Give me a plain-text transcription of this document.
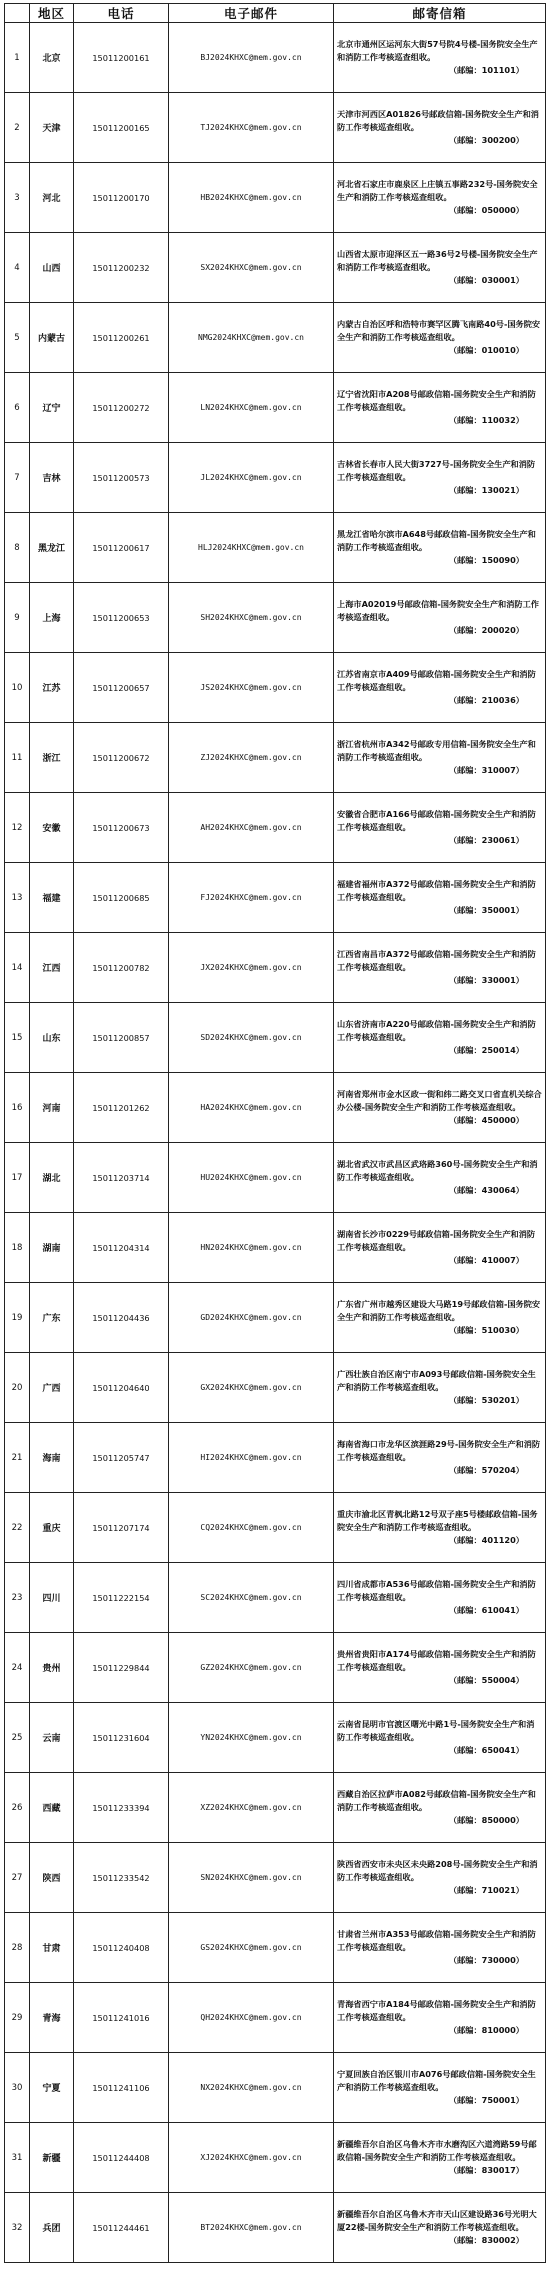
	地区	电话	电子邮件	邮寄信箱
1	北京	15011200161	BJ2024KHXC@mem.gov.cn	北京市通州区运河东大街57号院4号楼-国务院安全生产和消防工作考核巡查组收。
（邮编：101101）

2	天津	15011200165	TJ2024KHXC@mem.gov.cn	天津市河西区A01826号邮政信箱-国务院安全生产和消防工作考核巡查组收。
（邮编：300200）

3	河北	15011200170	HB2024KHXC@mem.gov.cn	河北省石家庄市鹿泉区上庄镇五事路232号-国务院安全生产和消防工作考核巡查组收。
（邮编：050000）

4	山西	15011200232	SX2024KHXC@mem.gov.cn	山西省太原市迎泽区五一路36号2号楼-国务院安全生产和消防工作考核巡查组收。
（邮编：030001）

5	内蒙古	15011200261	NMG2024KHXC@mem.gov.cn	内蒙古自治区呼和浩特市赛罕区腾飞南路40号-国务院安全生产和消防工作考核巡查组收。
（邮编：010010）

6	辽宁	15011200272	LN2024KHXC@mem.gov.cn	辽宁省沈阳市A208号邮政信箱-国务院安全生产和消防工作考核巡查组收。
（邮编：110032）

7	吉林	15011200573	JL2024KHXC@mem.gov.cn	吉林省长春市人民大街3727号-国务院安全生产和消防工作考核巡查组收。
（邮编：130021）

8	黑龙江	15011200617	HLJ2024KHXC@mem.gov.cn	黑龙江省哈尔滨市A648号邮政信箱-国务院安全生产和消防工作考核巡查组收。
（邮编：150090）

9	上海	15011200653	SH2024KHXC@mem.gov.cn	上海市A02019号邮政信箱-国务院安全生产和消防工作考核巡查组收。
（邮编：200020）

10	江苏	15011200657	JS2024KHXC@mem.gov.cn	江苏省南京市A409号邮政信箱-国务院安全生产和消防工作考核巡查组收。
（邮编：210036）

11	浙江	15011200672	ZJ2024KHXC@mem.gov.cn	浙江省杭州市A342号邮政专用信箱-国务院安全生产和消防工作考核巡查组收。
（邮编：310007）

12	安徽	15011200673	AH2024KHXC@mem.gov.cn	安徽省合肥市A166号邮政信箱-国务院安全生产和消防工作考核巡查组收。
（邮编：230061）

13	福建	15011200685	FJ2024KHXC@mem.gov.cn	福建省福州市A372号邮政信箱-国务院安全生产和消防工作考核巡查组收。
（邮编：350001）

14	江西	15011200782	JX2024KHXC@mem.gov.cn	江西省南昌市A372号邮政信箱-国务院安全生产和消防工作考核巡查组收。
（邮编：330001）

15	山东	15011200857	SD2024KHXC@mem.gov.cn	山东省济南市A220号邮政信箱-国务院安全生产和消防工作考核巡查组收。
（邮编：250014）

16	河南	15011201262	HA2024KHXC@mem.gov.cn	河南省郑州市金水区政一街和纬二路交叉口省直机关综合办公楼-国务院安全生产和消防工作考核巡查组收。
（邮编：450000）

17	湖北	15011203714	HU2024KHXC@mem.gov.cn	湖北省武汉市武昌区武珞路360号-国务院安全生产和消防工作考核巡查组收。
（邮编：430064）

18	湖南	15011204314	HN2024KHXC@mem.gov.cn	湖南省长沙市0229号邮政信箱-国务院安全生产和消防工作考核巡查组收。
（邮编：410007）

19	广东	15011204436	GD2024KHXC@mem.gov.cn	广东省广州市越秀区建设大马路19号邮政信箱-国务院安全生产和消防工作考核巡查组收。
（邮编：510030）

20	广西	15011204640	GX2024KHXC@mem.gov.cn	广西壮族自治区南宁市A093号邮政信箱-国务院安全生产和消防工作考核巡查组收。
（邮编：530201）

21	海南	15011205747	HI2024KHXC@mem.gov.cn	海南省海口市龙华区滨涯路29号-国务院安全生产和消防工作考核巡查组收。
（邮编：570204）

22	重庆	15011207174	CQ2024KHXC@mem.gov.cn	重庆市渝北区青枫北路12号双子座5号楼邮政信箱-国务院安全生产和消防工作考核巡查组收。
（邮编：401120）

23	四川	15011222154	SC2024KHXC@mem.gov.cn	四川省成都市A536号邮政信箱-国务院安全生产和消防工作考核巡查组收。
（邮编：610041）

24	贵州	15011229844	GZ2024KHXC@mem.gov.cn	贵州省贵阳市A174号邮政信箱-国务院安全生产和消防工作考核巡查组收。
（邮编：550004）

25	云南	15011231604	YN2024KHXC@mem.gov.cn	云南省昆明市官渡区曙光中路1号-国务院安全生产和消防工作考核巡查组收。
（邮编：650041）

26	西藏	15011233394	XZ2024KHXC@mem.gov.cn	西藏自治区拉萨市A082号邮政信箱-国务院安全生产和消防工作考核巡查组收。
（邮编：850000）

27	陕西	15011233542	SN2024KHXC@mem.gov.cn	陕西省西安市未央区未央路208号-国务院安全生产和消防工作考核巡查组收。
（邮编：710021）

28	甘肃	15011240408	GS2024KHXC@mem.gov.cn	甘肃省兰州市A353号邮政信箱-国务院安全生产和消防工作考核巡查组收。
（邮编：730000）

29	青海	15011241016	QH2024KHXC@mem.gov.cn	青海省西宁市A184号邮政信箱-国务院安全生产和消防工作考核巡查组收。
（邮编：810000）

30	宁夏	15011241106	NX2024KHXC@mem.gov.cn	宁夏回族自治区银川市A076号邮政信箱-国务院安全生产和消防工作考核巡查组收。
（邮编：750001）

31	新疆	15011244408	XJ2024KHXC@mem.gov.cn	新疆维吾尔自治区乌鲁木齐市水磨沟区六道湾路59号邮政信箱-国务院安全生产和消防工作考核巡查组收。
（邮编：830017）

32	兵团	15011244461	BT2024KHXC@mem.gov.cn	新疆维吾尔自治区乌鲁木齐市天山区建设路36号光明大厦22楼-国务院安全生产和消防工作考核巡查组收。
（邮编：830002）
